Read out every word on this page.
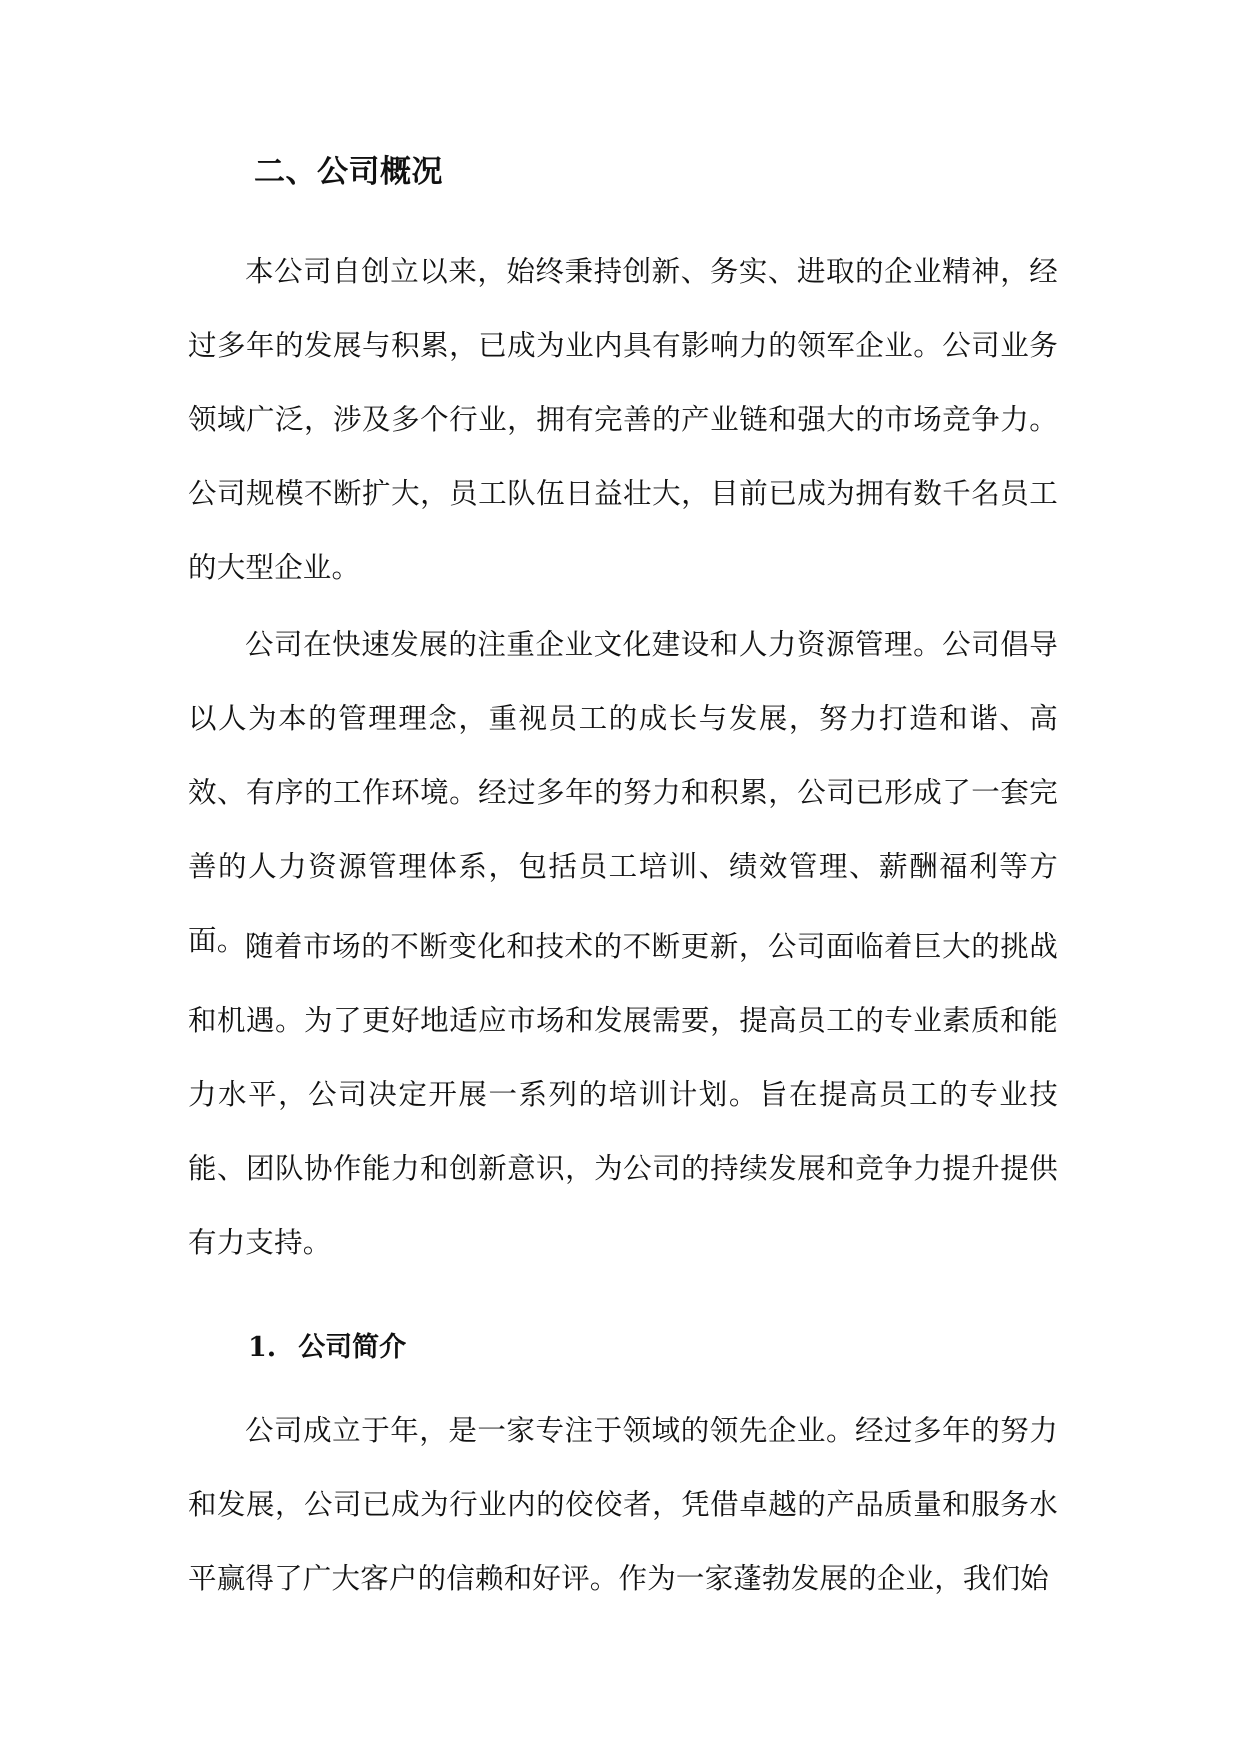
二、公司概况

本公司自创立以来，始终秉持创新、务实、进取的企业精神，经过多年的发展与积累，已成为业内具有影响力的领军企业。公司业务领域广泛，涉及多个行业，拥有完善的产业链和强大的市场竞争力。公司规模不断扩大，员工队伍日益壮大，目前已成为拥有数千名员工的大型企业。

公司在快速发展的注重企业文化建设和人力资源管理。公司倡导以人为本的管理理念，重视员工的成长与发展，努力打造和谐、高效、有序的工作环境。经过多年的努力和积累，公司已形成了一套完善的人力资源管理体系，包括员工培训、绩效管理、薪酬福利等方面。 随着市场的不断变化和技术的不断更新，公司面临着巨大的挑战和机遇。为了更好地适应市场和发展需要，提高员工的专业素质和能力水平，公司决定开展一系列的培训计划。旨在提高员工的专业技能、团队协作能力和创新意识，为公司的持续发展和竞争力提升提供有力支持。

1. 公司简介

公司成立于年，是一家专注于领域的领先企业。经过多年的努力和发展，公司已成为行业内的佼佼者，凭借卓越的产品质量和服务水平赢得了广大客户的信赖和好评。作为一家蓬勃发展的企业，我们始
